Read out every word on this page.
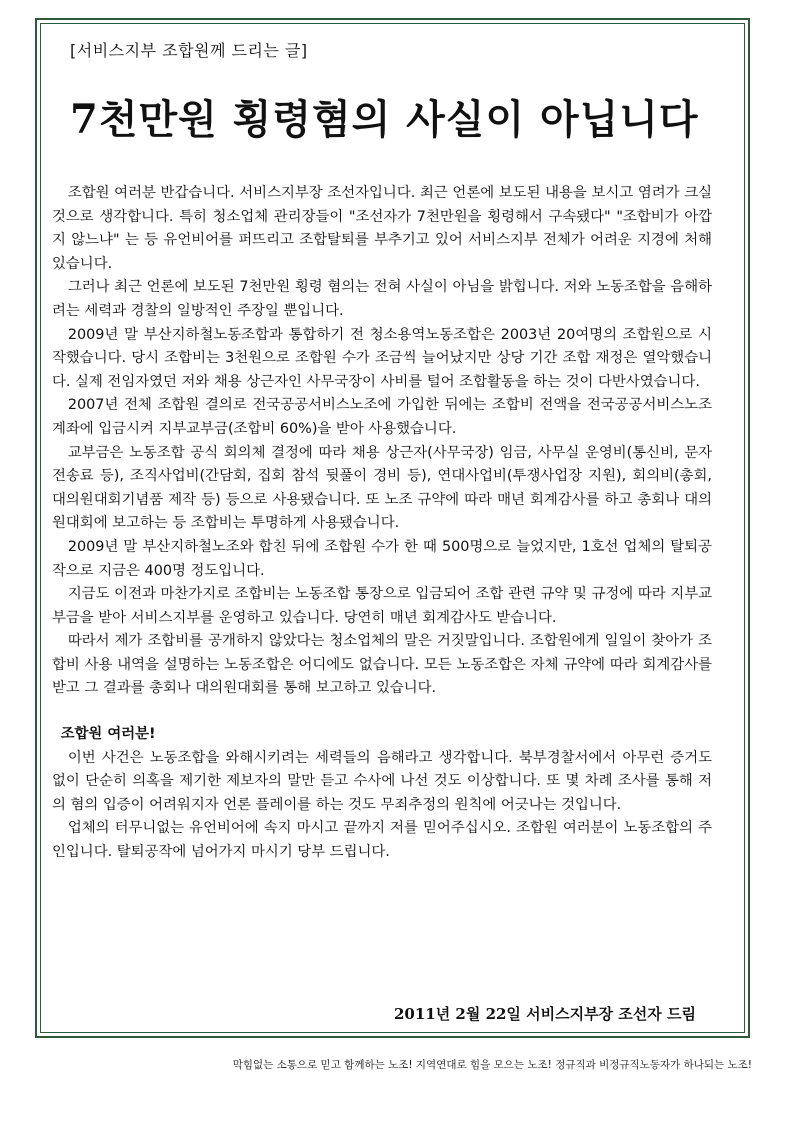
[서비스지부 조합원께 드리는 글]
7천만원 횡령혐의 사실이 아닙니다

조합원 여러분 반갑습니다. 서비스지부장 조선자입니다. 최근 언론에 보도된 내용을 보시고 염려가 크실 것으로 생각합니다. 특히 청소업체 관리장들이 "조선자가 7천만원을 횡령해서 구속됐다" "조합비가 아깝지 않느냐" 는 등 유언비어를 퍼뜨리고 조합탈퇴를 부추기고 있어 서비스지부 전체가 어려운 지경에 처해 있습니다.

그러나 최근 언론에 보도된 7천만원 횡령 혐의는 전혀 사실이 아님을 밝힙니다. 저와 노동조합을 음해하려는 세력과 경찰의 일방적인 주장일 뿐입니다.

2009년 말 부산지하철노동조합과 통합하기 전 청소용역노동조합은 2003년 20여명의 조합원으로 시작했습니다. 당시 조합비는 3천원으로 조합원 수가 조금씩 늘어났지만 상당 기간 조합 재정은 열악했습니다. 실제 전임자였던 저와 채용 상근자인 사무국장이 사비를 털어 조합활동을 하는 것이 다반사였습니다.

2007년 전체 조합원 결의로 전국공공서비스노조에 가입한 뒤에는 조합비 전액을 전국공공서비스노조 계좌에 입금시켜 지부교부금(조합비 60%)을 받아 사용했습니다.

교부금은 노동조합 공식 회의체 결정에 따라 채용 상근자(사무국장) 임금, 사무실 운영비(통신비, 문자전송료 등), 조직사업비(간담회, 집회 참석 뒷풀이 경비 등), 연대사업비(투쟁사업장 지원), 회의비(총회, 대의원대회기념품 제작 등) 등으로 사용됐습니다. 또 노조 규약에 따라 매년 회계감사를 하고 총회나 대의원대회에 보고하는 등 조합비는 투명하게 사용됐습니다.

2009년 말 부산지하철노조와 합친 뒤에 조합원 수가 한 때 500명으로 늘었지만, 1호선 업체의 탈퇴공작으로 지금은 400명 정도입니다.

지금도 이전과 마찬가지로 조합비는 노동조합 통장으로 입금되어 조합 관련 규약 및 규정에 따라 지부교부금을 받아 서비스지부를 운영하고 있습니다. 당연히 매년 회계감사도 받습니다.

따라서 제가 조합비를 공개하지 않았다는 청소업체의 말은 거짓말입니다. 조합원에게 일일이 찾아가 조합비 사용 내역을 설명하는 노동조합은 어디에도 없습니다. 모든 노동조합은 자체 규약에 따라 회계감사를 받고 그 결과를 총회나 대의원대회를 통해 보고하고 있습니다.

조합원 여러분!

이번 사건은 노동조합을 와해시키려는 세력들의 음해라고 생각합니다. 북부경찰서에서 아무런 증거도 없이 단순히 의혹을 제기한 제보자의 말만 듣고 수사에 나선 것도 이상합니다. 또 몇 차례 조사를 통해 저의 혐의 입증이 어려워지자 언론 플레이를 하는 것도 무죄추정의 원칙에 어긋나는 것입니다.

업체의 터무니없는 유언비어에 속지 마시고 끝까지 저를 믿어주십시오. 조합원 여러분이 노동조합의 주인입니다. 탈퇴공작에 넘어가지 마시기 당부 드립니다.

2011년 2월 22일 서비스지부장 조선자 드림
막힘없는 소통으로 믿고 함께하는 노조! 지역연대로 힘을 모으는 노조! 정규직과 비정규직노동자가 하나되는 노조!
